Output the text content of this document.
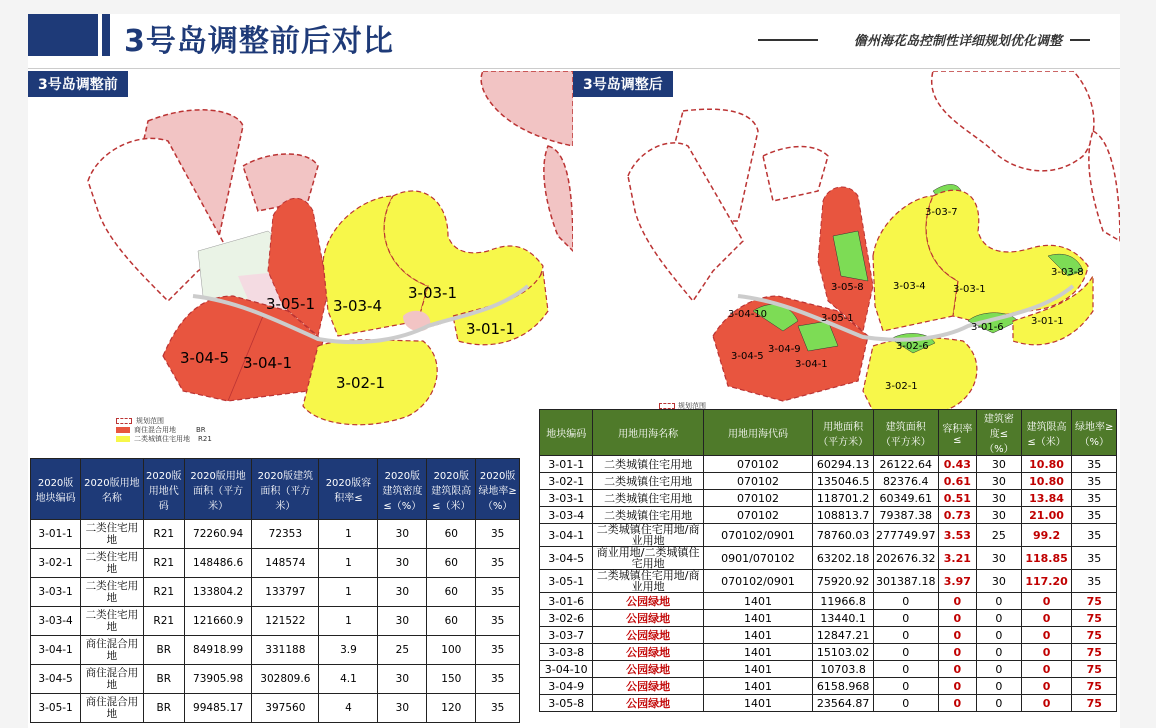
3号岛调整前后对比	儋州海花岛控制性详细规划优化调整
3号岛调整前
3-05-1 3-03-4
3-03-1
3-01-1
3-04-5 3-04-1
3-02-1
规划范围
商住混合用地	BR
二类城镇住宅用地 R21
3号岛调整后
3-03-7
3-03-8
3-05-8	3-03-4	3-03-1
3-04-10	3-05-1
3-01-6
3-01-1
3-04-9	3-02-6
3-04-5
3-04-1
3-02-1
规划范围
2020版地块编码	2020版用地名称	2020版用地代码	2020版用地面积（平方米）	2020版建筑面积（平方米）	2020版容积率≤	2020版建筑密度≤（%）	2020版建筑限高≤（米）	2020版绿地率≥（%）
3-01-1	二类住宅用地	R21	72260.94	72353	1	30	60	35
3-02-1	二类住宅用地	R21	148486.6	148574	1	30	60	35
3-03-1	二类住宅用地	R21	133804.2	133797	1	30	60	35
3-03-4	二类住宅用地	R21	121660.9	121522	1	30	60	35
3-04-1	商住混合用地	BR	84918.99	331188	3.9	25	100	35
3-04-5	商住混合用地	BR	73905.98	302809.6	4.1	30	150	35
3-05-1	商住混合用地	BR	99485.17	397560	4	30	120	35
地块编码	用地用海名称	用地用海代码	用地面积（平方米）	建筑面积（平方米）	容积率≤	建筑密度≤（%）	建筑限高≤（米）	绿地率≥（%）
3-01-1	二类城镇住宅用地	070102	60294.13	26122.64	0.43	30	10.80	35
3-02-1	二类城镇住宅用地	070102	135046.5	82376.4	0.61	30	10.80	35
3-03-1	二类城镇住宅用地	070102	118701.2	60349.61	0.51	30	13.84	35
3-03-4	二类城镇住宅用地	070102	108813.7	79387.38	0.73	30	21.00	35
3-04-1	二类城镇住宅用地/商业用地	070102/0901	78760.03	277749.97	3.53	25	99.2	35
3-04-5	商业用地/二类城镇住宅用地	0901/070102	63202.18	202676.32	3.21	30	118.85	35
3-05-1	二类城镇住宅用地/商业用地	070102/0901	75920.92	301387.18	3.97	30	117.20	35
3-01-6	公园绿地	1401	11966.8	0	0	0	0	75
3-02-6	公园绿地	1401	13440.1	0	0	0	0	75
3-03-7	公园绿地	1401	12847.21	0	0	0	0	75
3-03-8	公园绿地	1401	15103.02	0	0	0	0	75
3-04-10	公园绿地	1401	10703.8	0	0	0	0	75
3-04-9	公园绿地	1401	6158.968	0	0	0	0	75
3-05-8	公园绿地	1401	23564.87	0	0	0	0	75
